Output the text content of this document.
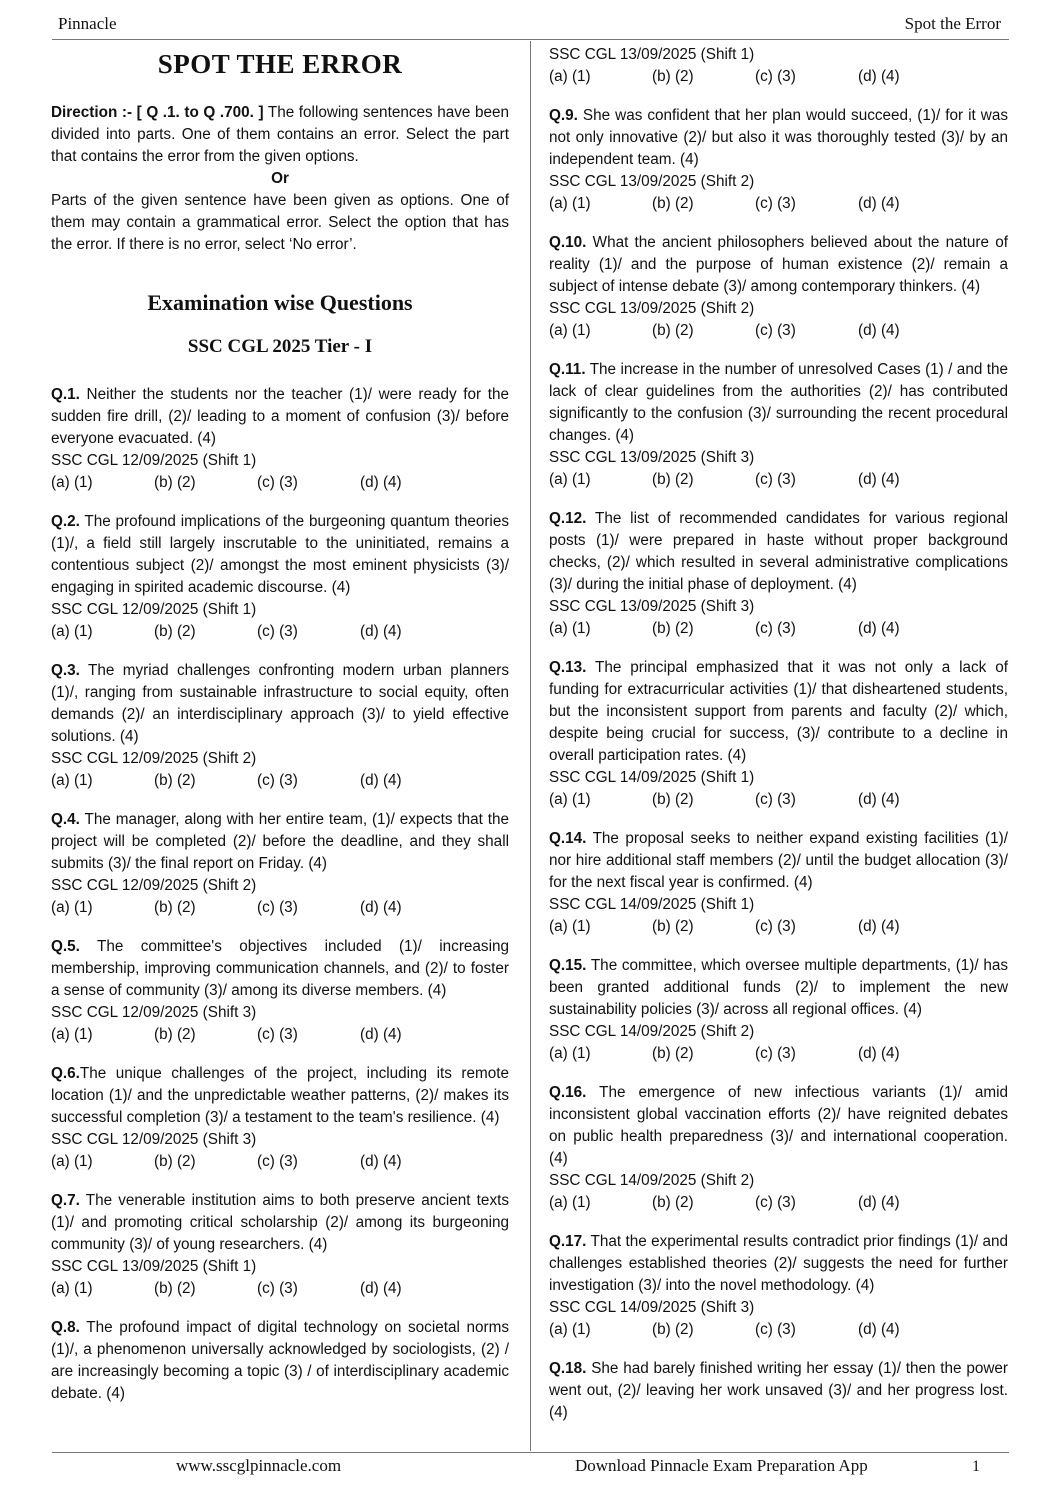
Pinnacle	Spot the Error
SPOT THE ERROR

Direction :- [ Q .1. to Q .700. ] The following sentences have been divided into parts. One of them contains an error. Select the part that contains the error from the given options.

Or

Parts of the given sentence have been given as options. One of them may contain a grammatical error. Select the option that has the error. If there is no error, select ‘No error’.

Examination wise Questions
SSC CGL 2025 Tier - I

Q.1. Neither the students nor the teacher (1)/ were ready for the sudden fire drill, (2)/ leading to a moment of confusion (3)/ before everyone evacuated. (4)

SSC CGL 12/09/2025 (Shift 1)

(a) (1)	(b) (2)	(c) (3)	(d) (4)

Q.2. The profound implications of the burgeoning quantum theories (1)/, a field still largely inscrutable to the uninitiated, remains a contentious subject (2)/ amongst the most eminent physicists (3)/ engaging in spirited academic discourse. (4)

SSC CGL 12/09/2025 (Shift 1)

(a) (1)	(b) (2)	(c) (3)	(d) (4)

Q.3. The myriad challenges confronting modern urban planners (1)/, ranging from sustainable infrastructure to social equity, often demands (2)/ an interdisciplinary approach (3)/ to yield effective solutions. (4)

SSC CGL 12/09/2025 (Shift 2)

(a) (1)	(b) (2)	(c) (3)	(d) (4)

Q.4. The manager, along with her entire team, (1)/ expects that the project will be completed (2)/ before the deadline, and they shall submits (3)/ the final report on Friday. (4)

SSC CGL 12/09/2025 (Shift 2)

(a) (1)	(b) (2)	(c) (3)	(d) (4)

Q.5. The committee's objectives included (1)/ increasing membership, improving communication channels, and (2)/ to foster a sense of community (3)/ among its diverse members. (4)

SSC CGL 12/09/2025 (Shift 3)

(a) (1)	(b) (2)	(c) (3)	(d) (4)

Q.6.The unique challenges of the project, including its remote location (1)/ and the unpredictable weather patterns, (2)/ makes its successful completion (3)/ a testament to the team's resilience. (4)

SSC CGL 12/09/2025 (Shift 3)

(a) (1)	(b) (2)	(c) (3)	(d) (4)

Q.7. The venerable institution aims to both preserve ancient texts (1)/ and promoting critical scholarship (2)/ among its burgeoning community (3)/ of young researchers. (4)

SSC CGL 13/09/2025 (Shift 1)

(a) (1)	(b) (2)	(c) (3)	(d) (4)

Q.8. The profound impact of digital technology on societal norms (1)/, a phenomenon universally acknowledged by sociologists, (2) / are increasingly becoming a topic (3) / of interdisciplinary academic debate. (4)

SSC CGL 13/09/2025 (Shift 1)

(a) (1)	(b) (2)	(c) (3)	(d) (4)

Q.9. She was confident that her plan would succeed, (1)/ for it was not only innovative (2)/ but also it was thoroughly tested (3)/ by an independent team. (4)

SSC CGL 13/09/2025 (Shift 2)

(a) (1)	(b) (2)	(c) (3)	(d) (4)

Q.10. What the ancient philosophers believed about the nature of reality (1)/ and the purpose of human existence (2)/ remain a subject of intense debate (3)/ among contemporary thinkers. (4)

SSC CGL 13/09/2025 (Shift 2)

(a) (1)	(b) (2)	(c) (3)	(d) (4)

Q.11. The increase in the number of unresolved Cases (1) / and the lack of clear guidelines from the authorities (2)/ has contributed significantly to the confusion (3)/ surrounding the recent procedural changes. (4)

SSC CGL 13/09/2025 (Shift 3)

(a) (1)	(b) (2)	(c) (3)	(d) (4)

Q.12. The list of recommended candidates for various regional posts (1)/ were prepared in haste without proper background checks, (2)/ which resulted in several administrative complications (3)/ during the initial phase of deployment. (4)

SSC CGL 13/09/2025 (Shift 3)

(a) (1)	(b) (2)	(c) (3)	(d) (4)

Q.13. The principal emphasized that it was not only a lack of funding for extracurricular activities (1)/ that disheartened students, but the inconsistent support from parents and faculty (2)/ which, despite being crucial for success, (3)/ contribute to a decline in overall participation rates. (4)

SSC CGL 14/09/2025 (Shift 1)

(a) (1)	(b) (2)	(c) (3)	(d) (4)

Q.14. The proposal seeks to neither expand existing facilities (1)/ nor hire additional staff members (2)/ until the budget allocation (3)/ for the next fiscal year is confirmed. (4)

SSC CGL 14/09/2025 (Shift 1)

(a) (1)	(b) (2)	(c) (3)	(d) (4)

Q.15. The committee, which oversee multiple departments, (1)/ has been granted additional funds (2)/ to implement the new sustainability policies (3)/ across all regional offices. (4)

SSC CGL 14/09/2025 (Shift 2)

(a) (1)	(b) (2)	(c) (3)	(d) (4)

Q.16. The emergence of new infectious variants (1)/ amid inconsistent global vaccination efforts (2)/ have reignited debates on public health preparedness (3)/ and international cooperation. (4)

SSC CGL 14/09/2025 (Shift 2)

(a) (1)	(b) (2)	(c) (3)	(d) (4)

Q.17. That the experimental results contradict prior findings (1)/ and challenges established theories (2)/ suggests the need for further investigation (3)/ into the novel methodology. (4)

SSC CGL 14/09/2025 (Shift 3)

(a) (1)	(b) (2)	(c) (3)	(d) (4)

Q.18. She had barely finished writing her essay (1)/ then the power went out, (2)/ leaving her work unsaved (3)/ and her progress lost. (4)

www.sscglpinnacle.com	Download Pinnacle Exam Preparation App	1
